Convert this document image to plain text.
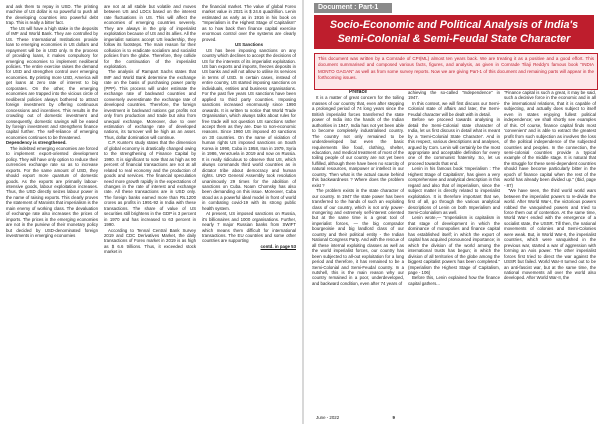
and ask them to repay in USD. The printing machine of US dollar is so powerful to push all the developing countries into powerful debt trap. This is really a bitter fact.

The US will have a high stake in the deposits of IMF and World Bank. They are controlled by US. These International Institutions provide loan to emerging economies in US dollars and repayment will be in USD only. In the process of providing loans, it makes compulsory for emerging economies to implement neoliberal policies. The entire exercise raises the demand for USD and strengthen control over emerging economies. By printing more USD, America will get loans at zero rate of interest to big corporates. On the other, the emerging economies are trapped into the vicious circle of neoliberal policies always bothered to attract foreign investment by offering continuous concessions and incentives. This results in the crowding out of domestic investment and consequently, domestic savings will be eased by foreign investment and strengthens finance capital further. The self-reliance of emerging economies continues to be threatened.

Dependency is strengthened.

The indebted emerging economies are forced to implement export-oriented development policy. They will have only option to reduce their currencies exchange rate so as to increase exports. For the same amount of USD, they should export more quantum of domestic goods. As the exports are primarily labour-intensive goods, labour exploitation increases. Thus, the USD directly seizes labour power in the name of raising exports. This clearly proves the statement of Marxists that imperialism is the main enemy of working class. The devaluation of exchange rate also increases the prices of imports. The prices in the emerging economies are not in the purview of their monetary policy but decided by USD-denominated foreign investments in emerging economies

are not at all stable but volatile and moves between US and LDCs based on the interest rate fluctuations in US. This will affect the economies of emerging countries severely. They are always in the grip of imperialist exploitation because of US and its allies. All the imperialist nations accept US leadership, they follow its footsteps. The main reason for their collusion is to eradicate socialism and socialist policies from the globe. Therefore, they collide for the continuation of the imperialist exploitation.

The analysis of Rampart Sachs states that IMF and World Bank determine the exchange rate on the basis of purchasing power parity (PPP). This process will under estimate the exchange rate of backward countries and conversely overestimate the exchange rate of developed countries. Therefore, the foreign investment in backward nations got profits not only from production and trade but also from unequal exchange. Moreover, due to over estimation of exchange rate of developed nations, its turnover will be high as an asset. Thus, dollar domination will continue.

C.P. Kunter's study states that the dimension of global economy is drastically changed owing to the strengthening of Finance Capital by 1990. It is significant to note that as high as 90 percent of financial transactions are not at all related to real economy and the production of goods and services. The financial speculation need more growth rapidly in the expectations of changes in the rate of interest and exchange rate. All these transactions are in USD only. The foreign banks earned more than Rs.1200 crores as profits in 1991-92 in India with these transactions. The share of value of US securities still brightens in the GDP is 3 percent in 1970 and has increased to 63 percent in 1990.

According to Tennal Central Bank Survey 2019 and CDC Derivatives Market, the daily transactions of Forex market in 2019 is as high as $ 6.6 trillions. Thus, it exceeded stock market in

the financial market. The value of global Forex market value in 2021 is $ 24.6 quadrillion. Lenin estimated as early as in 1916 in his book on "Imperialism is the Highest Stage of Capitalism" as to how back then finance capital exercise enormous control over the systems are clearly proved.

US Sanctions

US has been imposing sanctions on any country which declines to accept the decisions of US for the interests of its imperialist exploitation. US ban exports and imports, freezes deposits in US banks and will not allow to utilise its services in terms of USD. In certain cases, instead of entire country, US started imposing sanctions on individuals, entities and business organisations. For the past five years US sanctions have been applied to third party countries. Imposing sanctions increased enormously since 1990 onwards. It is written to notice that World Trade Organisation, which always talks about rules for free trade will not question US sanctions rather accept them as they are. Due to non-economic reasons. Since 1960 US imposed 40 sanctions on 30 countries. On the name of violation of human rights US imposed sanctions on South Korea in 1990, Cuba in 1958, Iran in 1979, Syria in 1986, Venezuela in 2019 and now on Russia. It is really ridiculous to observe that US, which always commands third world countries as in dictator tribe about democracy and human rights. UNO General Assembly took resolution unanimously 29 times for the abolition of sanctions on Cuba. Noam Chomsky has also been demanding on this issue. Moreover, Cuba stood as a powerful ideal model in front of world in combating covid-19 with its strong public health system.

At present, US imposed sanctions on Russia, it's billionaires and 1000 organisations. Further, nearly 7 major Russian banks from SWIFT which means them difficult for international transactions. The EU countries and some other countries are supporting

contd. in page 53

Document : Part-1
Socio-Economic and Political Analysis of India's
Semi-Colonial & Semi-Feudal State Character
This document was written by a Comrade of CPI(ML) almost ten years back. We are treating it as a positive and a good effort. This document summarised and composed various facts, figures, and analysis, as given in Comrade Tilaji Reddy's famous book "INDIA MONTO GAGAN" as well as from some survey reports. Now we are giving Part-1 of this document and remaining parts will appear in the forthcoming issues.

Preface

It is a matter of great concern for the toiling masses of our country that, even after stepping a prolonged period of 74 long years since the British imperialist forces transferred the state power of India into the hands of the Indian authorities in 1947, India has not yet been able to become completely industrialised country. The country not only remained to be underdeveloped but even the basic requirements like food, clothing, shelter, education, and medical treatment of most of the toiling people of our country are not yet been fulfilled, although there have been no scarcity of natural resources, manpower or intellect in our country. Then what is the actual cause behind this backwardness ? Where does the problem exist ?

The problem exists in the state character of our country. In 1947 the state power has been transferred to the hands of such an exploiting class of our country, which is not only power-mongering and extremely self-interest oriented but at the same time is a great tool of imperialist forces, — the big comprador bourgeoisie and big landlord class of our country and their political entity - the Indian National Congress Party. And with the rescue of all these internal exploiting classes as well as the world imperialist forces, our country has been subjected to all-out exploitation for a long period and therefore, it has remained to be a Semi-Colonial and Semi-Feudal country. In a nutshell, this is the main reason why our country remained in a poor, underdeveloped, and backward condition, even after 74 years of

achieving the so-called "Independence" in 1947.

In this context, we will first discuss our Semi-Colonial state of affairs and later, the Semi-Feudal character will be dealt with in detail.

Before we proceed towards analysing in detail the Semi-Colonial state character of India, let us first discuss in detail what is meant by a 'Semi-Colonial State Character'. And in this respect, various descriptions and analyses, argued by Com. Lenin will certainly be the most appropriate and acceptable definition for every one of the communist fraternity. So, let us proceed towards that end.

Lenin in his famous book 'Imperialism : The Highest Stage of Capitalism', has given a very comprehensive and analytical description in this regard and also that of imperialism, since the subject matter is directly related to imperialist exploitation. It is therefore important that we, first of all, go through the various analytical descriptions of Lenin on both Imperialism and Semi-Colonialism as well.

Lenin wrote,— "Imperialism is capitalism in that stage of development in which the dominance of monopolies and finance capital has established itself; in which the export of capital has acquired pronounced importance; in which the division of the world among the international trusts has begun; in which the division of all territories of the globe among the biggest capitalist powers has been completed." (Imperialism the Highest Stage of Capitalism, page - 106)

Before this, Lenin explained how the finance capital gathers...

"Finance capital is such a great, it may be said, such a decisive force in the economic and in all the international relations, that it is capable of subjecting, and actually does subject to itself even in states enjoying fullest political independence; we shall shortly see examples of this. Of course, finance capital finds most 'convenient' and is able to extract the greatest profit from such subjection as involves the loss of the political independence of the subjected countries and peoples. In the connection, the semi-colonial countries provide a typical example of the middle stage. It is natural that the struggle for these semi-dependent countries should have become particularly bitter in the epoch of finance capital when the rest of the world has already been divided up." (Ibid, page - 87)

"We have seen, the third world world wars between the imperialist powers to re-divide the world. After World War-I, the victorious powers robbed the vanquished powers and tried to force them out of contention. At the same time, World War-I ended with the emergence of a socialist state, the USSR. Till then, the national movements of colonies and Semi-Colonies were weak. But, in World War-II, the imperialist countries, which were vanquished in the previous war, started a war of aggression with forming an Axis power. The other imperialist forces first tried to direct the war against the USSR but failed. World War-II turned out to be an anti-fascist war, but at the same time, the national movements all over the world also developed. After World War-II, the

June - 2022	9
